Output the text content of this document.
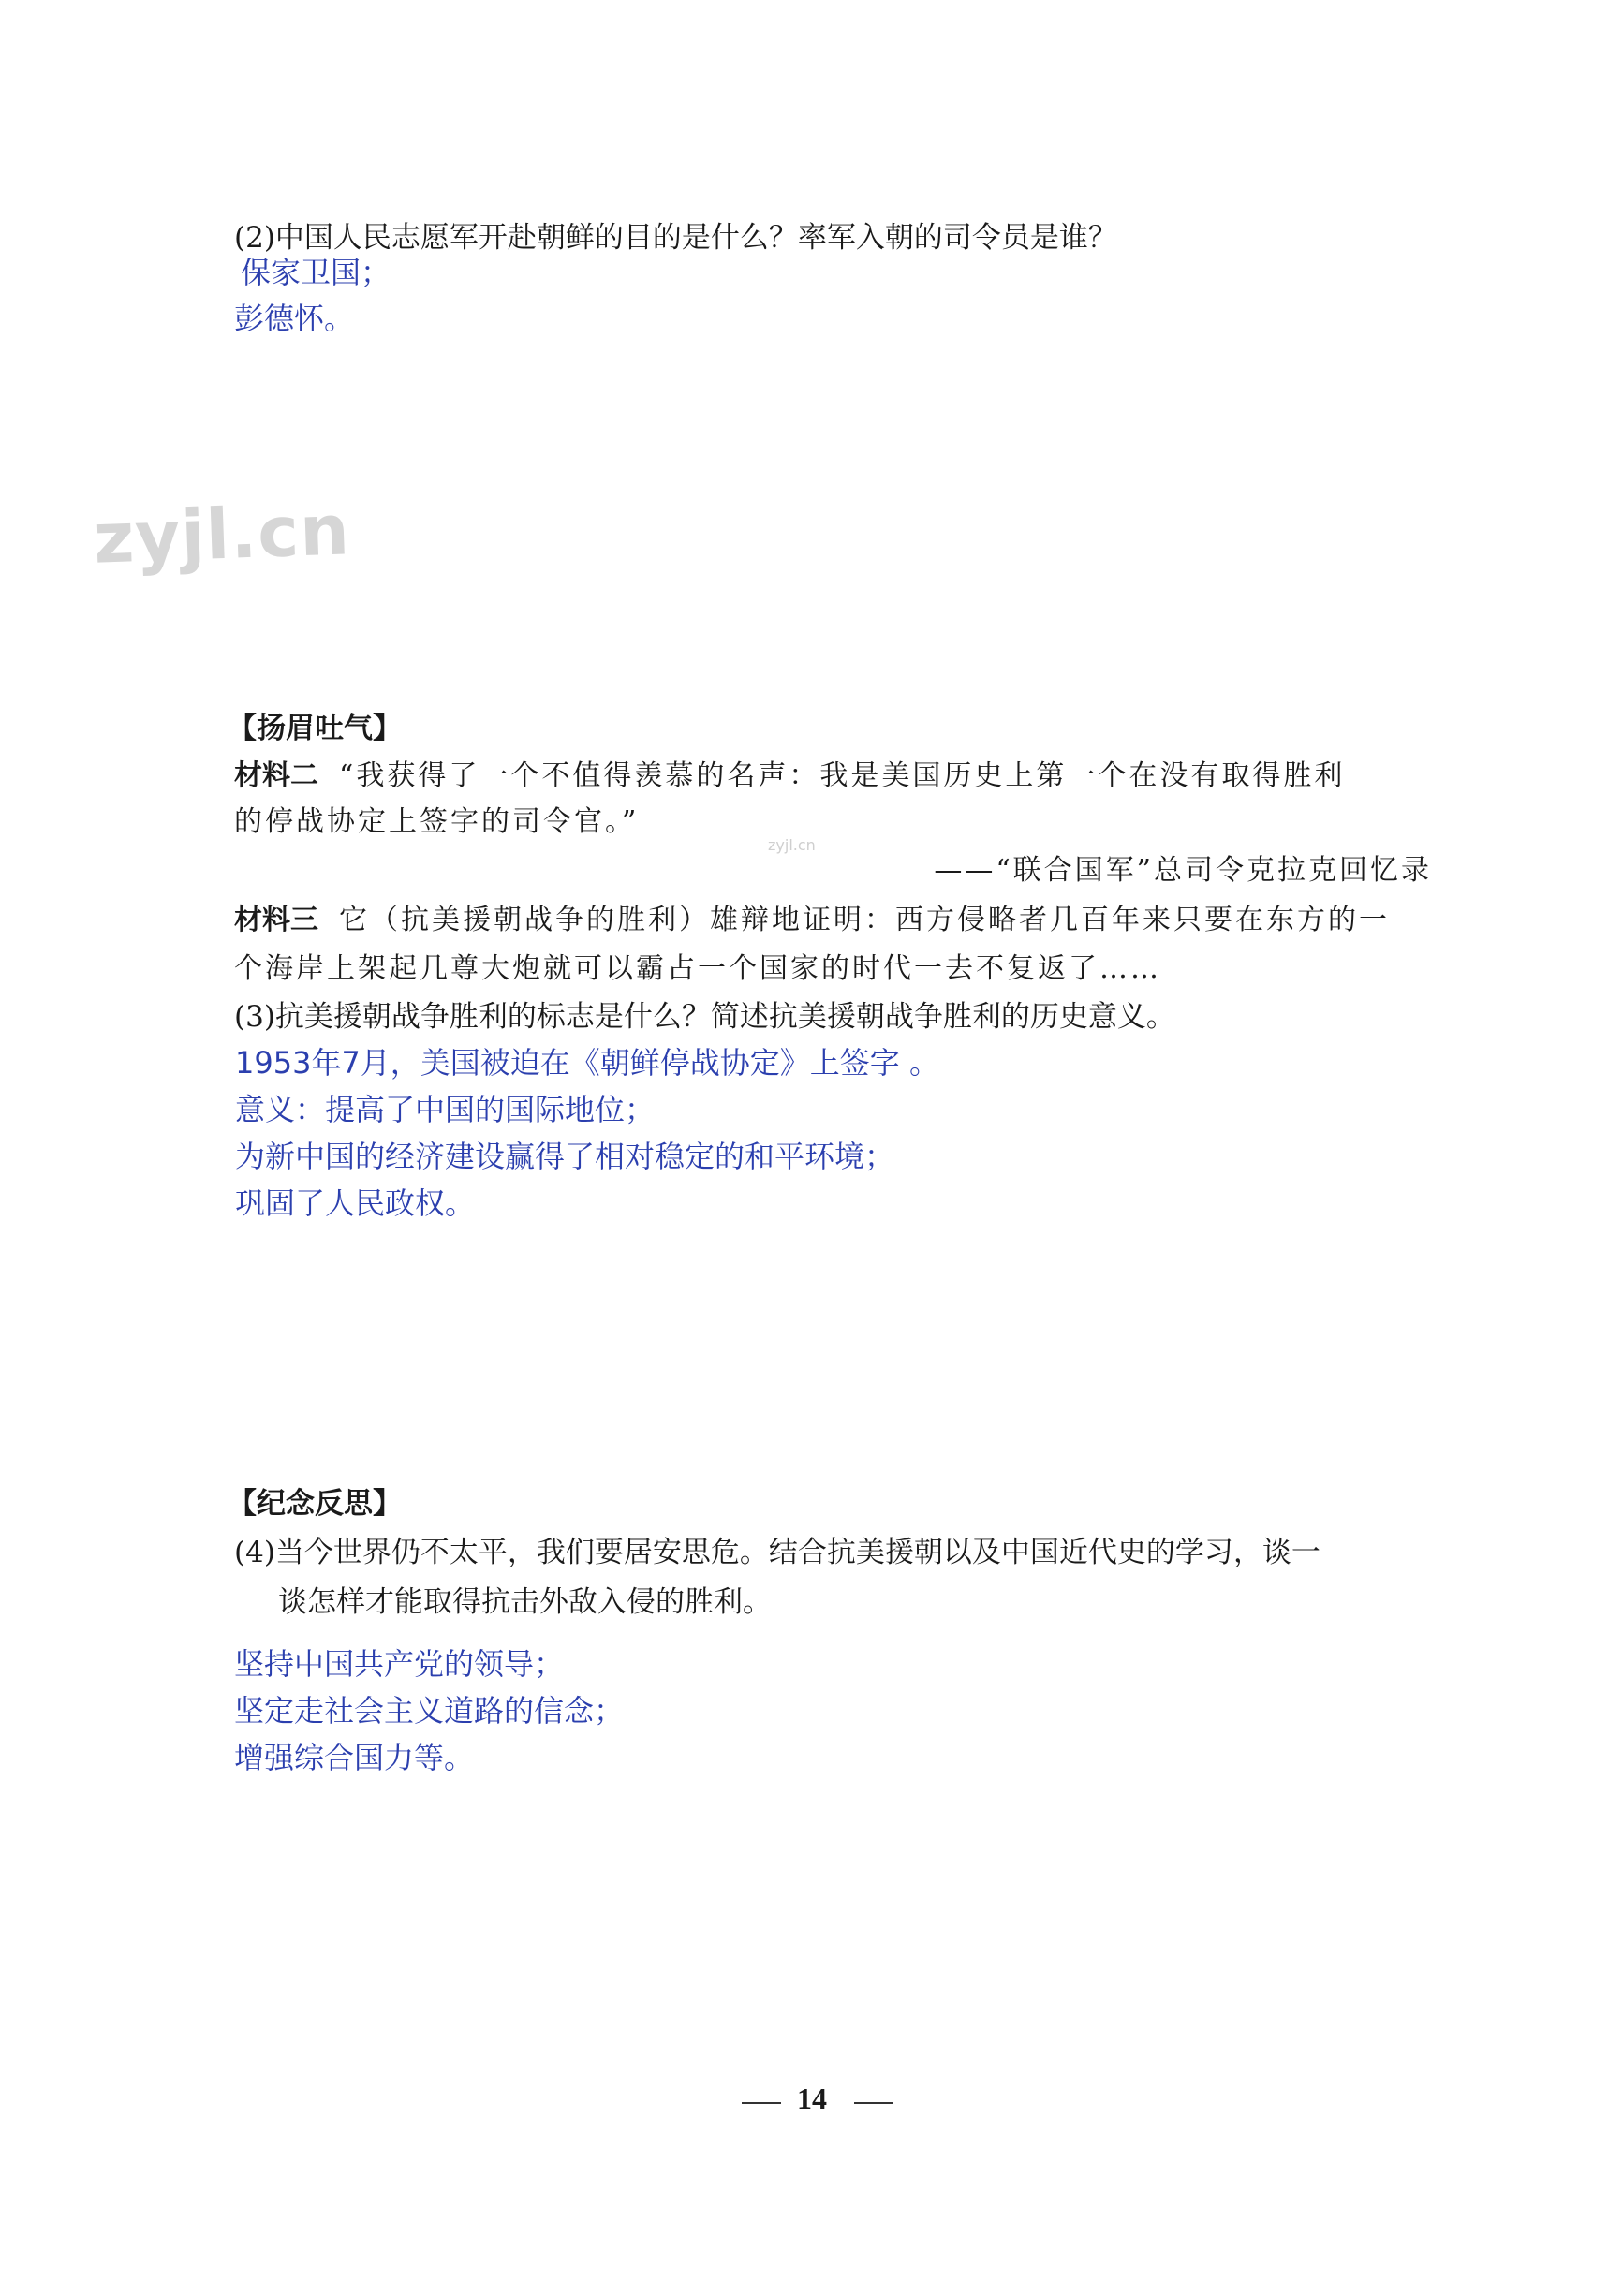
(2)中国人民志愿军开赴朝鲜的目的是什么？率军入朝的司令员是谁？
保家卫国；
彭德怀。
zyjl.cn
zyjl.cn
【扬眉吐气】
材料二 “我获得了一个不值得羡慕的名声：我是美国历史上第一个在没有取得胜利
的停战协定上签字的司令官。”
——“联合国军”总司令克拉克回忆录
材料三 它（抗美援朝战争的胜利）雄辩地证明：西方侵略者几百年来只要在东方的一
个海岸上架起几尊大炮就可以霸占一个国家的时代一去不复返了……
(3)抗美援朝战争胜利的标志是什么？简述抗美援朝战争胜利的历史意义。
1953年7月，美国被迫在《朝鲜停战协定》上签字 。
意义：提高了中国的国际地位；
为新中国的经济建设赢得了相对稳定的和平环境；
巩固了人民政权。
【纪念反思】
(4)当今世界仍不太平，我们要居安思危。结合抗美援朝以及中国近代史的学习，谈一
谈怎样才能取得抗击外敌入侵的胜利。
坚持中国共产党的领导；
坚定走社会主义道路的信念；
增强综合国力等。
14
